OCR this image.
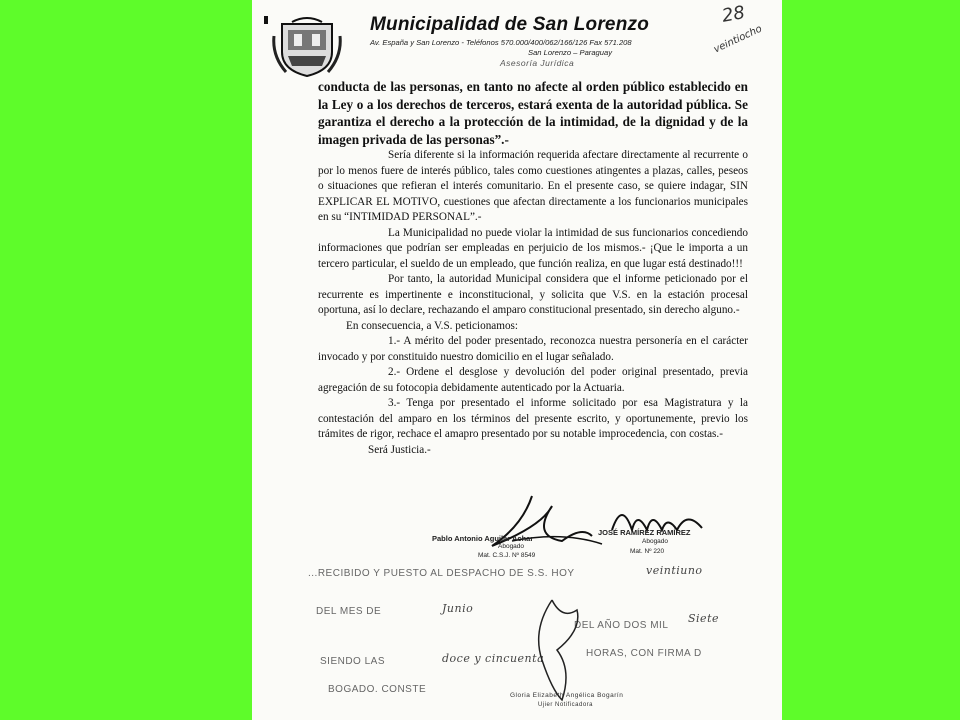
Municipalidad de San Lorenzo
Av. España y San Lorenzo - Teléfonos 570.000/400/062/166/126 Fax 571.208
San Lorenzo – Paraguay
Asesoría Jurídica
28
veintiocho

conducta de las personas, en tanto no afecte al orden público establecido en la Ley o a los derechos de terceros, estará exenta de la autoridad pública. Se garantiza el derecho a la protección de la intimidad, de la dignidad y de la imagen privada de las personas”.-

Sería diferente si la información requerida afectare directamente al recurrente o por lo menos fuere de interés público, tales como cuestiones atingentes a plazas, calles, peseos o situaciones que refieran el interés comunitario. En el presente caso, se quiere indagar, SIN EXPLICAR EL MOTIVO, cuestiones que afectan directamente a los funcionarios municipales en su “INTIMIDAD PERSONAL”.-

La Municipalidad no puede violar la intimidad de sus funcionarios concediendo informaciones que podrían ser empleadas en perjuicio de los mismos.- ¡Que le importa a un tercero particular, el sueldo de un empleado, que función realiza, en que lugar está destinado!!!

Por tanto, la autoridad Municipal considera que el informe peticionado por el recurrente es impertinente e inconstitucional, y solicita que V.S. en la estación procesal oportuna, así lo declare, rechazando el amparo constitucional presentado, sin derecho alguno.-

En consecuencia, a V.S. peticionamos:

1.- A mérito del poder presentado, reconozca nuestra personería en el carácter invocado y por constituido nuestro domicilio en el lugar señalado.

2.- Ordene el desglose y devolución del poder original presentado, previa agregación de su fotocopia debidamente autenticado por la Actuaria.

3.- Tenga por presentado el informe solicitado por esa Magistratura y la contestación del amparo en los términos del presente escrito, y oportunemente, previo los trámites de rigor, rechace el amapro presentado por su notable improcedencia, con costas.-

Será Justicia.-

Pablo Antonio Aguilar Achar
Abogado
Mat. C.S.J. Nº 8549
JOSÉ RAMÍREZ RAMÍREZ
Abogado
Mat. Nº 220
...RECIBIDO Y PUESTO AL DESPACHO DE S.S. HOY	veintiuno
DEL MES DE	Junio
DEL AÑO DOS MIL
Siete
SIENDO LAS	doce y cincuenta	HORAS, CON FIRMA D
BOGADO. CONSTE
Gloria Elizabeth Angélica Bogarín
Ujier Notificadora
